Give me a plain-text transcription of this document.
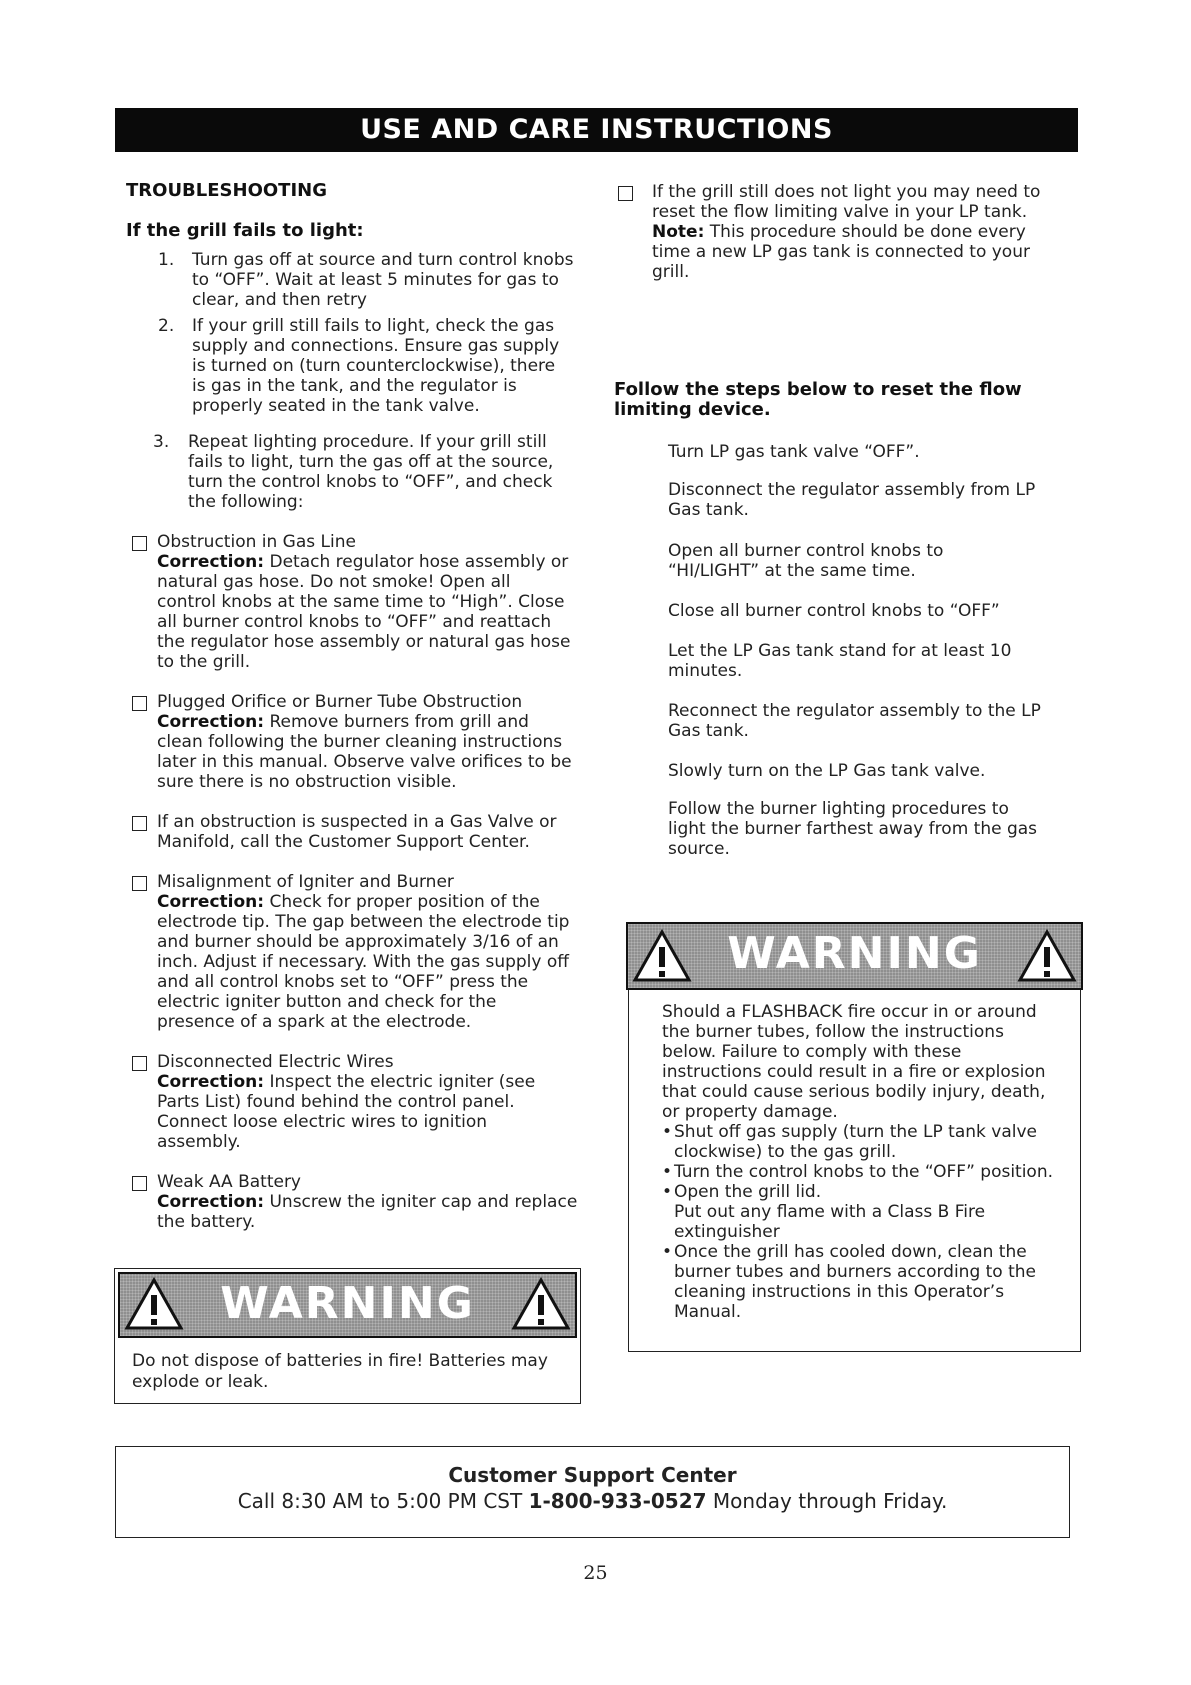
USE AND CARE INSTRUCTIONS
TROUBLESHOOTING
If the grill fails to light:
1. Turn gas off at source and turn control knobs
to “OFF”. Wait at least 5 minutes for gas to
clear, and then retry
2. If your grill still fails to light, check the gas
supply and connections. Ensure gas supply
is turned on (turn counterclockwise), there
is gas in the tank, and the regulator is
properly seated in the tank valve.
3. Repeat lighting procedure. If your grill still
fails to light, turn the gas off at the source,
turn the control knobs to “OFF”, and check
the following:
Obstruction in Gas Line
Correction: Detach regulator hose assembly or
natural gas hose. Do not smoke! Open all
control knobs at the same time to “High”. Close
all burner control knobs to “OFF” and reattach
the regulator hose assembly or natural gas hose
to the grill.
Plugged Orifice or Burner Tube Obstruction
Correction: Remove burners from grill and
clean following the burner cleaning instructions
later in this manual. Observe valve orifices to be
sure there is no obstruction visible.
If an obstruction is suspected in a Gas Valve or
Manifold, call the Customer Support Center.
Misalignment of Igniter and Burner
Correction: Check for proper position of the
electrode tip. The gap between the electrode tip
and burner should be approximately 3/16 of an
inch. Adjust if necessary. With the gas supply off
and all control knobs set to “OFF” press the
electric igniter button and check for the
presence of a spark at the electrode.
Disconnected Electric Wires
Correction: Inspect the electric igniter (see
Parts List) found behind the control panel.
Connect loose electric wires to ignition
assembly.
Weak AA Battery
Correction: Unscrew the igniter cap and replace
the battery.
WARNING
Do not dispose of batteries in fire! Batteries may
explode or leak.
If the grill still does not light you may need to
reset the flow limiting valve in your LP tank.
Note: This procedure should be done every
time a new LP gas tank is connected to your
grill.
Follow the steps below to reset the flow
limiting device.
Turn LP gas tank valve “OFF”.
Disconnect the regulator assembly from LP
Gas tank.
Open all burner control knobs to
“HI/LIGHT” at the same time.
Close all burner control knobs to “OFF”
Let the LP Gas tank stand for at least 10
minutes.
Reconnect the regulator assembly to the LP
Gas tank.
Slowly turn on the LP Gas tank valve.
Follow the burner lighting procedures to
light the burner farthest away from the gas
source.
WARNING
Should a FLASHBACK fire occur in or around
the burner tubes, follow the instructions
below. Failure to comply with these
instructions could result in a fire or explosion
that could cause serious bodily injury, death,
or property damage.
• Shut off gas supply (turn the LP tank valve
clockwise) to the gas grill.
• Turn the control knobs to the “OFF” position.
• Open the grill lid.
Put out any flame with a Class B Fire
extinguisher
• Once the grill has cooled down, clean the
burner tubes and burners according to the
cleaning instructions in this Operator’s
Manual.
Customer Support Center
Call 8:30 AM to 5:00 PM CST 1-800-933-0527 Monday through Friday.
25
